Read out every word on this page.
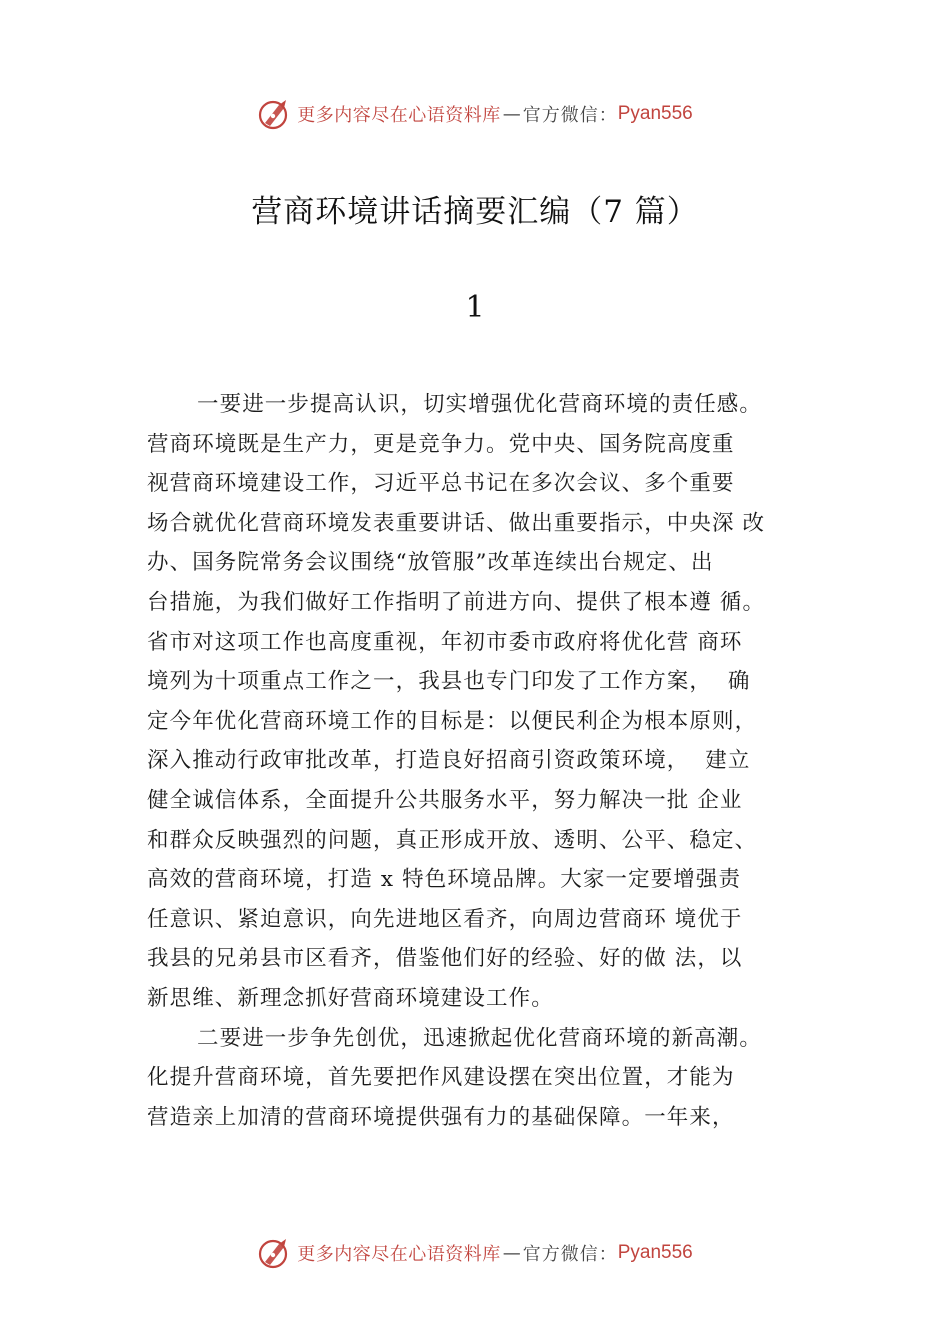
更多内容尽在心语资料库 — 官方微信： Pyan556
营商环境讲话摘要汇编（7 篇）
1
一要进一步提高认识，切实增强优化营商环境的责任感。
营商环境既是生产力，更是竞争力。党中央、国务院高度重
视营商环境建设工作，习近平总书记在多次会议、多个重要
场合就优化营商环境发表重要讲话、做出重要指示，中央深 改
办、国务院常务会议围绕“放管服”改革连续出台规定、出
台措施，为我们做好工作指明了前进方向、提供了根本遵 循。
省市对这项工作也高度重视，年初市委市政府将优化营 商环
境列为十项重点工作之一，我县也专门印发了工作方案，  确
定今年优化营商环境工作的目标是：以便民利企为根本原则，
深入推动行政审批改革，打造良好招商引资政策环境，  建立
健全诚信体系，全面提升公共服务水平，努力解决一批 企业
和群众反映强烈的问题，真正形成开放、透明、公平、稳定、
高效的营商环境，打造 x 特色环境品牌。大家一定要增强责
任意识、紧迫意识，向先进地区看齐，向周边营商环 境优于
我县的兄弟县市区看齐，借鉴他们好的经验、好的做 法，以
新思维、新理念抓好营商环境建设工作。
二要进一步争先创优，迅速掀起优化营商环境的新高潮。
化提升营商环境，首先要把作风建设摆在突出位置，才能为
营造亲上加清的营商环境提供强有力的基础保障。一年来，
更多内容尽在心语资料库 — 官方微信： Pyan556
